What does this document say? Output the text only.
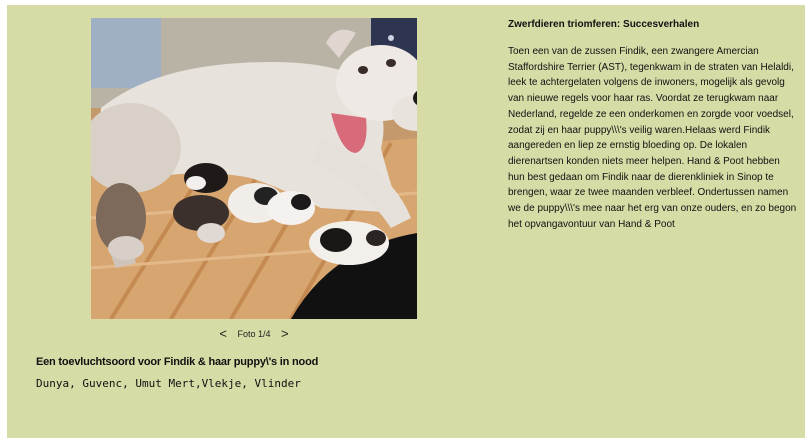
< Foto 1/4 >
Een toevluchtsoord voor Findik & haar puppy\'s in nood
Dunya, Guvenc, Umut Mert,Vlekje, Vlinder
Zwerfdieren triomferen: Succesverhalen
Toen een van de zussen Findik, een zwangere Amercian Staffordshire Terrier (AST), tegenkwam in de straten van Helaldi, leek te achtergelaten volgens de inwoners, mogelijk als gevolg van nieuwe regels voor haar ras. Voordat ze terugkwam naar Nederland, regelde ze een onderkomen en zorgde voor voedsel, zodat zij en haar puppy\\\'s veilig waren.Helaas werd Findik aangereden en liep ze ernstig bloeding op. De lokalen dierenartsen konden niets meer helpen. Hand & Poot hebben hun best gedaan om Findik naar de dierenkliniek in Sinop te brengen, waar ze twee maanden verbleef. Ondertussen namen we de puppy\\\'s mee naar het erg van onze ouders, en zo begon het opvangavontuur van Hand & Poot
